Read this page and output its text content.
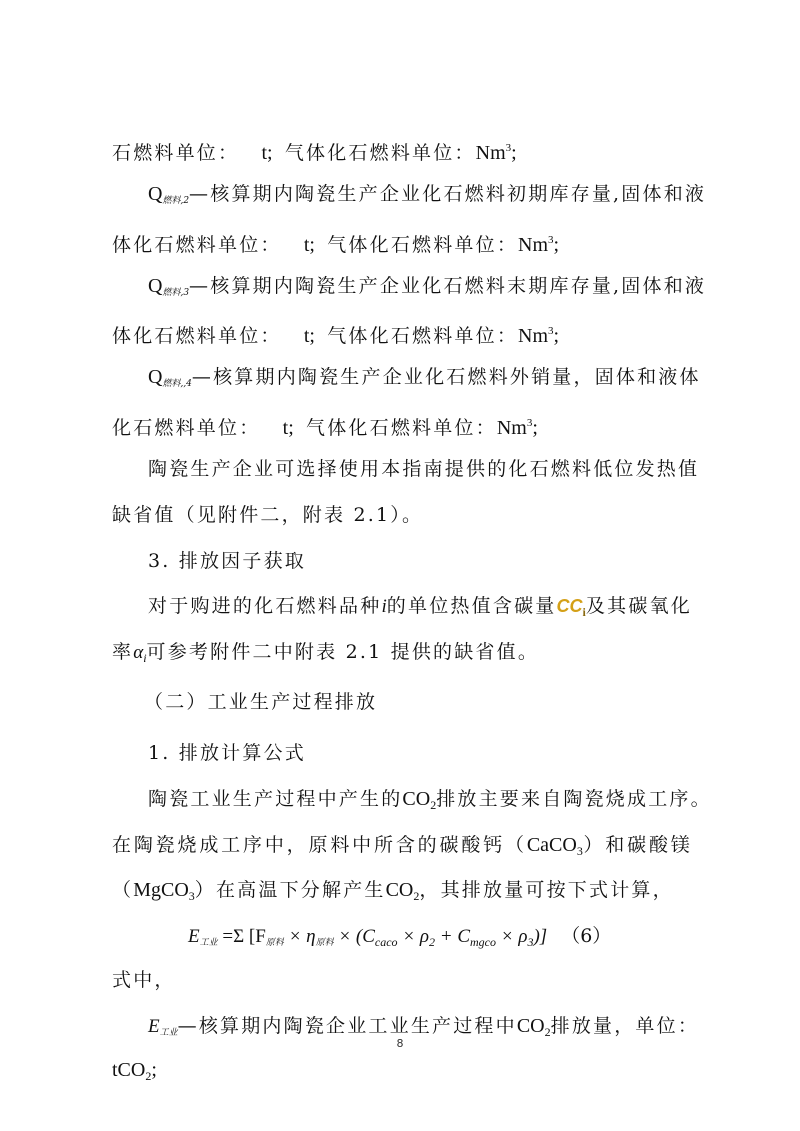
石燃料单位： t; 气体化石燃料单位：Nm$^3$;
Q燃料,2—核算期内陶瓷生产企业化石燃料初期库存量,固体和液
体化石燃料单位： t; 气体化石燃料单位：Nm$^3$;
Q燃料,3—核算期内陶瓷生产企业化石燃料末期库存量,固体和液
体化石燃料单位： t; 气体化石燃料单位：Nm$^3$;
Q燃料,,4—核算期内陶瓷生产企业化石燃料外销量，固体和液体
化石燃料单位： t; 气体化石燃料单位：Nm$^3$;
陶瓷生产企业可选择使用本指南提供的化石燃料低位发热值
缺省值（见附件二，附表 2.1）。
3. 排放因子获取
对于购进的化石燃料品种i的单位热值含碳量$CC_i$及其碳氧化
率$\alpha_i$可参考附件二中附表 2.1 提供的缺省值。
（二）工业生产过程排放
1. 排放计算公式
陶瓷工业生产过程中产生的$CO_2$排放主要来自陶瓷烧成工序。
在陶瓷烧成工序中，原料中所含的碳酸钙（CaCO$_3$）和碳酸镁
（MgCO$_3$）在高温下分解产生$CO_2$，其排放量可按下式计算，
E工业 =Σ [F原料 × η原料 × $(C_{caco} \times \rho_2 + C_{mgco} \times \rho_3)$] （6）
式中，
E工业—核算期内陶瓷企业工业生产过程中$CO_2$排放量，单位：
tCO$_2$;
8
